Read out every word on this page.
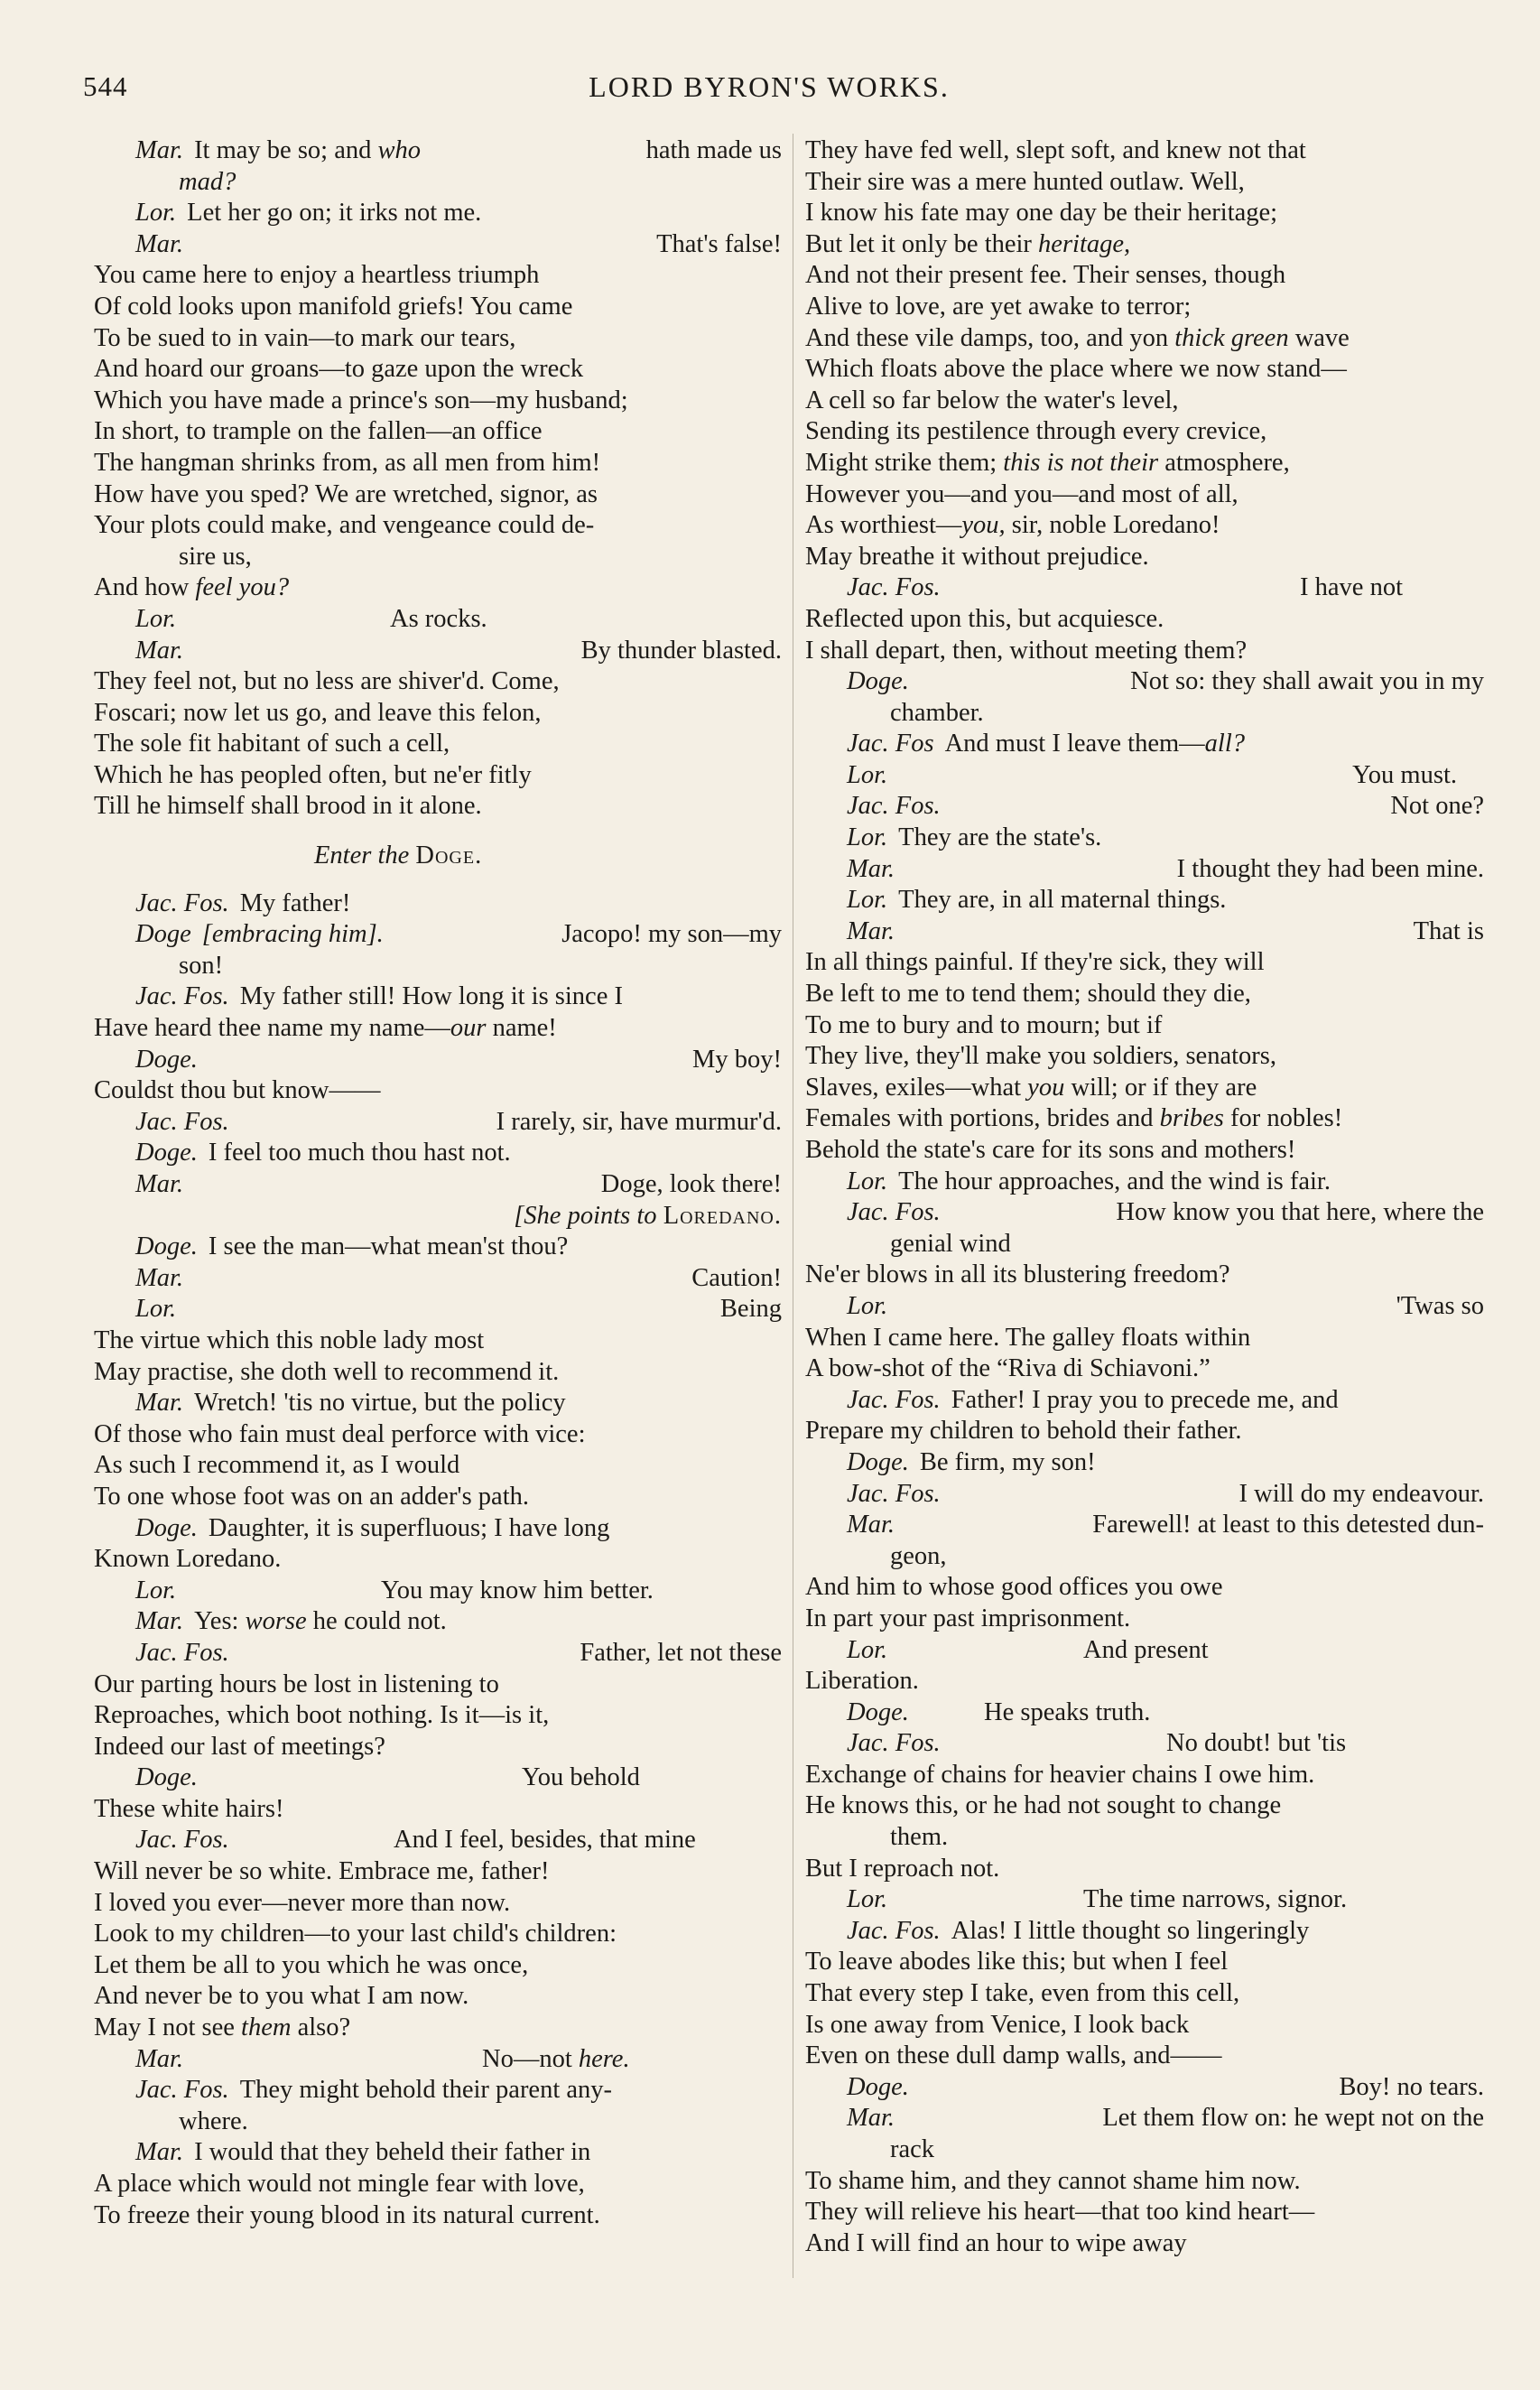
544	LORD BYRON'S WORKS.
Mar. It may be so; and who	hath made us
mad?
Lor. Let her go on; it irks not me.
Mar.	That's false!
You came here to enjoy a heartless triumph
Of cold looks upon manifold griefs! You came
To be sued to in vain—to mark our tears,
And hoard our groans—to gaze upon the wreck
Which you have made a prince's son—my husband;
In short, to trample on the fallen—an office
The hangman shrinks from, as all men from him!
How have you sped? We are wretched, signor, as
Your plots could make, and vengeance could de-
sire us,
And how feel you?
Lor.	As rocks.
Mar.	By thunder blasted.
They feel not, but no less are shiver'd. Come,
Foscari; now let us go, and leave this felon,
The sole fit habitant of such a cell,
Which he has peopled often, but ne'er fitly
Till he himself shall brood in it alone.
Enter the Doge.
Jac. Fos. My father!
Doge [embracing him].	Jacopo! my son—my
son!
Jac. Fos. My father still! How long it is since I
Have heard thee name my name—our name!
Doge.	My boy!
Couldst thou but know——
Jac. Fos.	I rarely, sir, have murmur'd.
Doge. I feel too much thou hast not.
Mar.	Doge, look there!
[She points to Loredano.
Doge. I see the man—what mean'st thou?
Mar.	Caution!
Lor.	Being
The virtue which this noble lady most
May practise, she doth well to recommend it.
Mar. Wretch! 'tis no virtue, but the policy
Of those who fain must deal perforce with vice:
As such I recommend it, as I would
To one whose foot was on an adder's path.
Doge. Daughter, it is superfluous; I have long
Known Loredano.
Lor.	You may know him better.
Mar. Yes: worse he could not.
Jac. Fos.	Father, let not these
Our parting hours be lost in listening to
Reproaches, which boot nothing. Is it—is it,
Indeed our last of meetings?
Doge.	You behold
These white hairs!
Jac. Fos.	And I feel, besides, that mine
Will never be so white. Embrace me, father!
I loved you ever—never more than now.
Look to my children—to your last child's children:
Let them be all to you which he was once,
And never be to you what I am now.
May I not see them also?
Mar.	No—not here.
Jac. Fos. They might behold their parent any-
where.
Mar. I would that they beheld their father in
A place which would not mingle fear with love,
To freeze their young blood in its natural current.
They have fed well, slept soft, and knew not that
Their sire was a mere hunted outlaw. Well,
I know his fate may one day be their heritage;
But let it only be their heritage,
And not their present fee. Their senses, though
Alive to love, are yet awake to terror;
And these vile damps, too, and yon thick green wave
Which floats above the place where we now stand—
A cell so far below the water's level,
Sending its pestilence through every crevice,
Might strike them; this is not their atmosphere,
However you—and you—and most of all,
As worthiest—you, sir, noble Loredano!
May breathe it without prejudice.
Jac. Fos.	I have not
Reflected upon this, but acquiesce.
I shall depart, then, without meeting them?
Doge.	Not so: they shall await you in my
chamber.
Jac. Fos And must I leave them—all?
Lor.	You must.
Jac. Fos.	Not one?
Lor. They are the state's.
Mar.	I thought they had been mine.
Lor. They are, in all maternal things.
Mar.	That is
In all things painful. If they're sick, they will
Be left to me to tend them; should they die,
To me to bury and to mourn; but if
They live, they'll make you soldiers, senators,
Slaves, exiles—what you will; or if they are
Females with portions, brides and bribes for nobles!
Behold the state's care for its sons and mothers!
Lor. The hour approaches, and the wind is fair.
Jac. Fos.	How know you that here, where the
genial wind
Ne'er blows in all its blustering freedom?
Lor.	'Twas so
When I came here. The galley floats within
A bow-shot of the “Riva di Schiavoni.”
Jac. Fos. Father! I pray you to precede me, and
Prepare my children to behold their father.
Doge. Be firm, my son!
Jac. Fos.	I will do my endeavour.
Mar.	Farewell! at least to this detested dun-
geon,
And him to whose good offices you owe
In part your past imprisonment.
Lor.	And present
Liberation.
Doge.	He speaks truth.
Jac. Fos.	No doubt! but 'tis
Exchange of chains for heavier chains I owe him.
He knows this, or he had not sought to change
them.
But I reproach not.
Lor.	The time narrows, signor.
Jac. Fos. Alas! I little thought so lingeringly
To leave abodes like this; but when I feel
That every step I take, even from this cell,
Is one away from Venice, I look back
Even on these dull damp walls, and——
Doge.	Boy! no tears.
Mar.	Let them flow on: he wept not on the
rack
To shame him, and they cannot shame him now.
They will relieve his heart—that too kind heart—
And I will find an hour to wipe away
